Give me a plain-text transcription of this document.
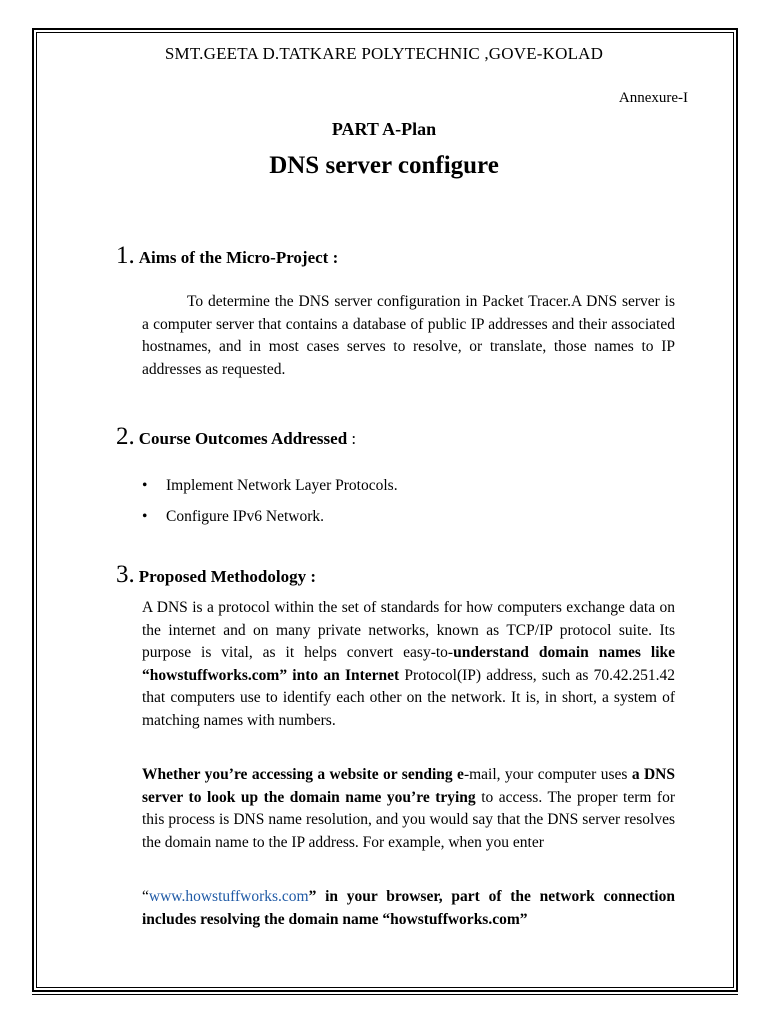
SMT.GEETA D.TATKARE POLYTECHNIC ,GOVE-KOLAD
Annexure-I
PART A-Plan
DNS server configure
1. Aims of the Micro-Project :
To determine the DNS server configuration in Packet Tracer.A DNS server is a computer server that contains a database of public IP addresses and their associated hostnames, and in most cases serves to resolve, or translate, those names to IP addresses as requested.
2. Course Outcomes Addressed :
• Implement Network Layer Protocols.
• Configure IPv6 Network.
3. Proposed Methodology :
A DNS is a protocol within the set of standards for how computers exchange data on the internet and on many private networks, known as TCP/IP protocol suite. Its purpose is vital, as it helps convert easy-to-understand domain names like “howstuffworks.com” into an Internet Protocol(IP) address, such as 70.42.251.42 that computers use to identify each other on the network. It is, in short, a system of matching names with numbers.
Whether you’re accessing a website or sending e-mail, your computer uses a DNS server to look up the domain name you’re trying to access. The proper term for this process is DNS name resolution, and you would say that the DNS server resolves the domain name to the IP address. For example, when you enter
“www.howstuffworks.com” in your browser, part of the network connection includes resolving the domain name “howstuffworks.com”
